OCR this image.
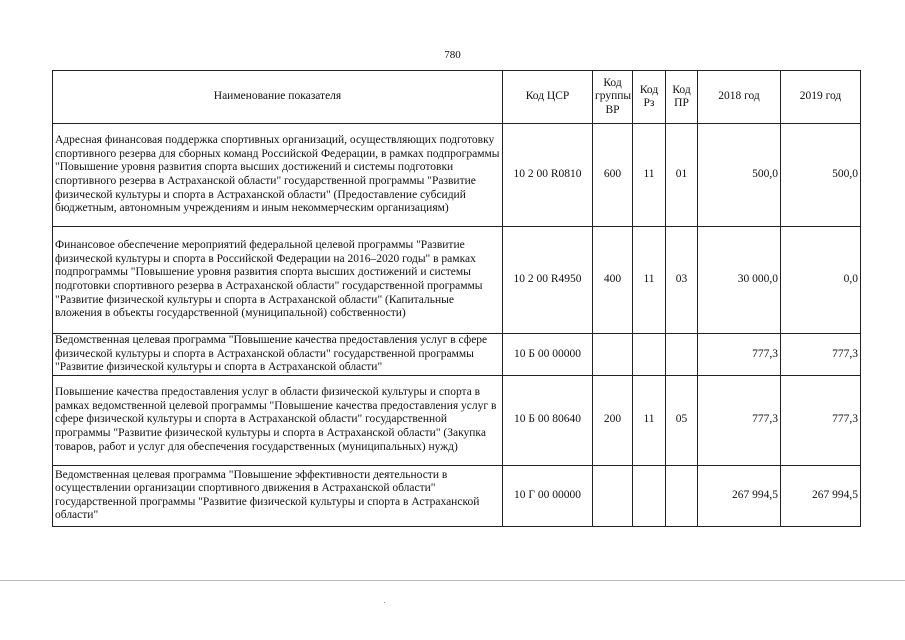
780
Наименование показателя	Код ЦСР	Код группы ВР	Код Рз	Код ПР	2018 год	2019 год
Адресная финансовая поддержка спортивных организаций, осуществляющих подготовку спортивного резерва для сборных команд Российской Федерации, в рамках подпрограммы "Повышение уровня развития спорта высших достижений и системы подготовки спортивного резерва в Астраханской области" государственной программы "Развитие физической культуры и спорта в Астраханской области" (Предоставление субсидий бюджетным, автономным учреждениям и иным некоммерческим организациям)	10 2 00 R0810	600	11	01	500,0	500,0
Финансовое обеспечение мероприятий федеральной целевой программы "Развитие физической культуры и спорта в Российской Федерации на 2016–2020 годы" в рамках подпрограммы "Повышение уровня развития спорта высших достижений и системы подготовки спортивного резерва в Астраханской области" государственной программы "Развитие физической культуры и спорта в Астраханской области" (Капитальные вложения в объекты государственной (муниципальной) собственности)	10 2 00 R4950	400	11	03	30 000,0	0,0
Ведомственная целевая программа "Повышение качества предоставления услуг в сфере физической культуры и спорта в Астраханской области" государственной программы "Развитие физической культуры и спорта в Астраханской области"	10 Б 00 00000				777,3	777,3
Повышение качества предоставления услуг в области физической культуры и спорта в рамках ведомственной целевой программы "Повышение качества предоставления услуг в сфере физической культуры и спорта в Астраханской области" государственной программы "Развитие физической культуры и спорта в Астраханской области" (Закупка товаров, работ и услуг для обеспечения государственных (муниципальных) нужд)	10 Б 00 80640	200	11	05	777,3	777,3
Ведомственная целевая программа "Повышение эффективности деятельности в осуществлении организации спортивного движения в Астраханской области" государственной программы "Развитие физической культуры и спорта в Астраханской области"	10 Г 00 00000				267 994,5	267 994,5
